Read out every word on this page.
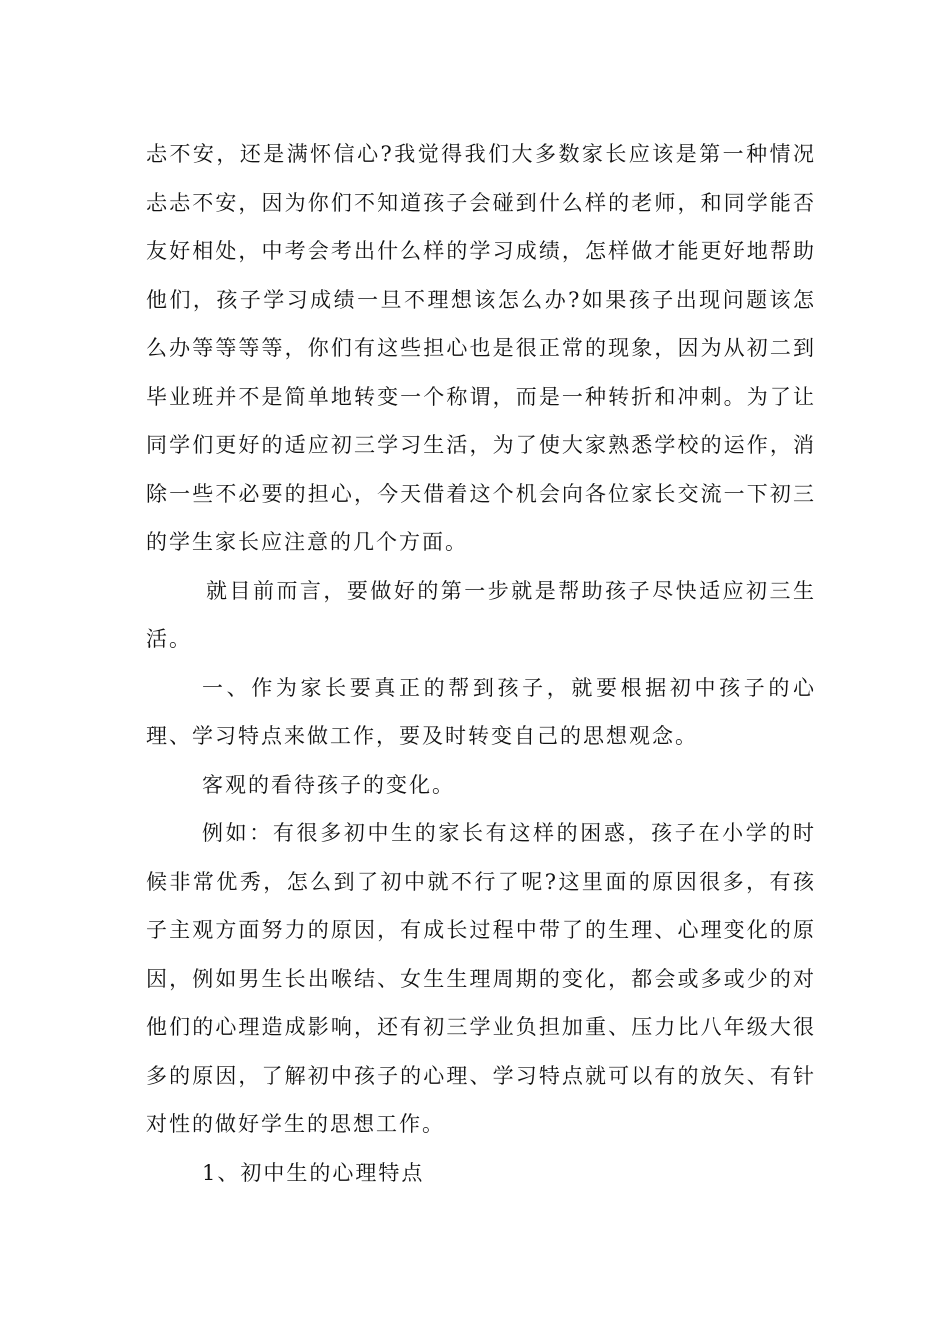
忐不安，还是满怀信心?我觉得我们大多数家长应该是第一种情况忐忐不安，因为你们不知道孩子会碰到什么样的老师，和同学能否友好相处，中考会考出什么样的学习成绩，怎样做才能更好地帮助他们，孩子学习成绩一旦不理想该怎么办?如果孩子出现问题该怎么办等等等等，你们有这些担心也是很正常的现象，因为从初二到毕业班并不是简单地转变一个称谓，而是一种转折和冲刺。为了让同学们更好的适应初三学习生活，为了使大家熟悉学校的运作，消除一些不必要的担心，今天借着这个机会向各位家长交流一下初三的学生家长应注意的几个方面。

就目前而言，要做好的第一步就是帮助孩子尽快适应初三生活。

一、作为家长要真正的帮到孩子，就要根据初中孩子的心理、学习特点来做工作，要及时转变自己的思想观念。

客观的看待孩子的变化。

例如：有很多初中生的家长有这样的困惑，孩子在小学的时候非常优秀，怎么到了初中就不行了呢?这里面的原因很多，有孩子主观方面努力的原因，有成长过程中带了的生理、心理变化的原因，例如男生长出喉结、女生生理周期的变化，都会或多或少的对他们的心理造成影响，还有初三学业负担加重、压力比八年级大很多的原因，了解初中孩子的心理、学习特点就可以有的放矢、有针对性的做好学生的思想工作。

1、初中生的心理特点
